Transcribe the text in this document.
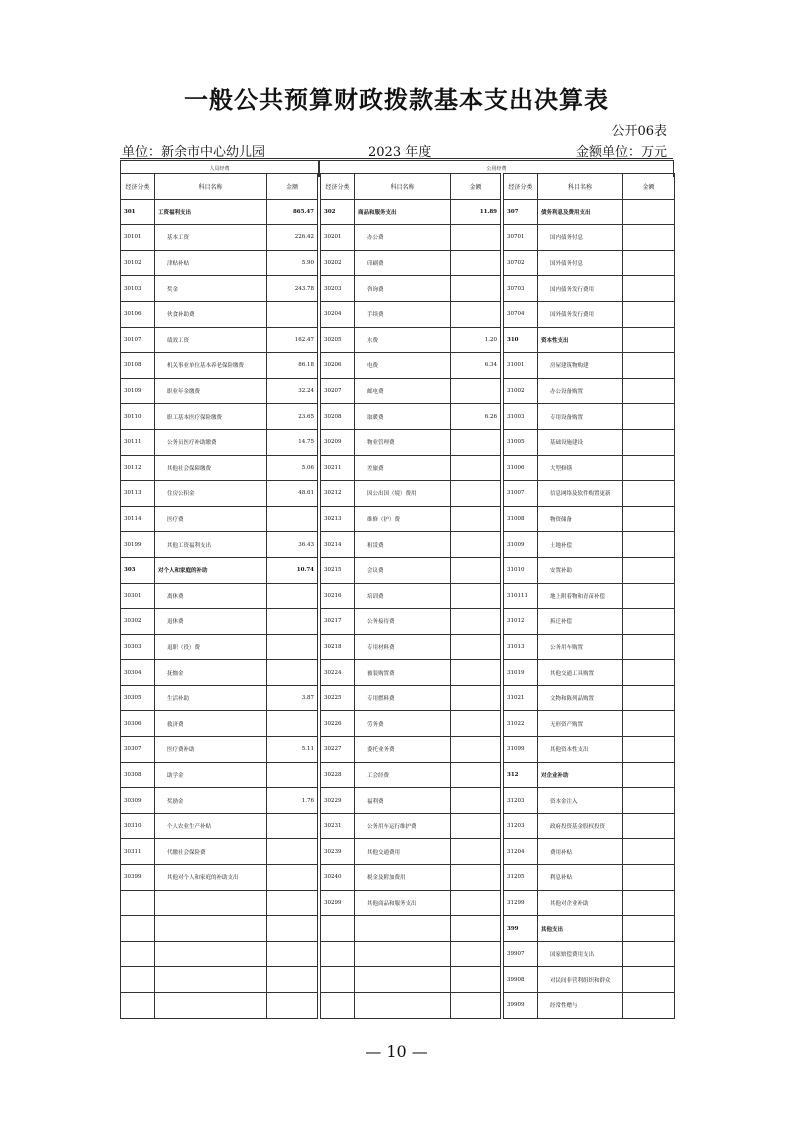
一般公共预算财政拨款基本支出决算表
公开06表
单位：新余市中心幼儿园	2023 年度	金额单位：万元
人员经费	公用经费
经济分类	科目名称	金额
301	工资福利支出	865.47
30101	基本工资	226.42
30102	津贴补贴	5.90
30103	奖金	243.78
30106	伙食补助费	
30107	绩效工资	162.47
30108	机关事业单位基本养老保险缴费	86.18
30109	职业年金缴费	32.24
30110	职工基本医疗保险缴费	23.65
30111	公务员医疗补助缴费	14.75
30112	其他社会保障缴费	5.06
30113	住房公积金	48.61
30114	医疗费	
30199	其他工资福利支出	36.43
303	对个人和家庭的补助	10.74
30301	离休费	
30302	退休费	
30303	退职（役）费	
30304	抚恤金	
30305	生活补助	3.87
30306	救济费	
30307	医疗费补助	5.11
30308	助学金	
30309	奖励金	1.76
30310	个人农业生产补贴	
30311	代缴社会保险费	
30399	其他对个人和家庭的补助支出	

经济分类	科目名称	金额
302	商品和服务支出	11.89
30201	办公费	
30202	印刷费	
30203	咨询费	
30204	手续费	
30205	水费	1.20
30206	电费	6.34
30207	邮电费	
30208	取暖费	6.26
30209	物业管理费	
30211	差旅费	
30212	因公出国（境）费用	
30213	维修（护）费	
30214	租赁费	
30215	会议费	
30216	培训费	
30217	公务接待费	
30218	专用材料费	
30224	被装购置费	
30225	专用燃料费	
30226	劳务费	
30227	委托业务费	
30228	工会经费	
30229	福利费	
30231	公务用车运行维护费	
30239	其他交通费用	
30240	税金及附加费用	
30299	其他商品和服务支出	

经济分类	科目名称	金额
307	债务利息及费用支出	
30701	国内债务付息	
30702	国外债务付息	
30703	国内债务发行费用	
30704	国外债务发行费用	
310	资本性支出	
31001	房屋建筑物购建	
31002	办公设备购置	
31003	专用设备购置	
31005	基础设施建设	
31006	大型修缮	
31007	信息网络及软件购置更新	
31008	物资储备	
31009	土地补偿	
31010	安置补助	
310111	地上附着物和青苗补偿	
31012	拆迁补偿	
31013	公务用车购置	
31019	其他交通工具购置	
31021	文物和陈列品购置	
31022	无形资产购置	
31099	其他资本性支出	
312	对企业补助	
31203	资本金注入	
31203	政府投资基金股权投资	
31204	费用补贴	
31205	利息补贴	
31299	其他对企业补助	
399	其他支出	
39907	国家赔偿费用支出	
39908	对民间非营利组织和群众	
39909	经常性赠与	
— 10 —
